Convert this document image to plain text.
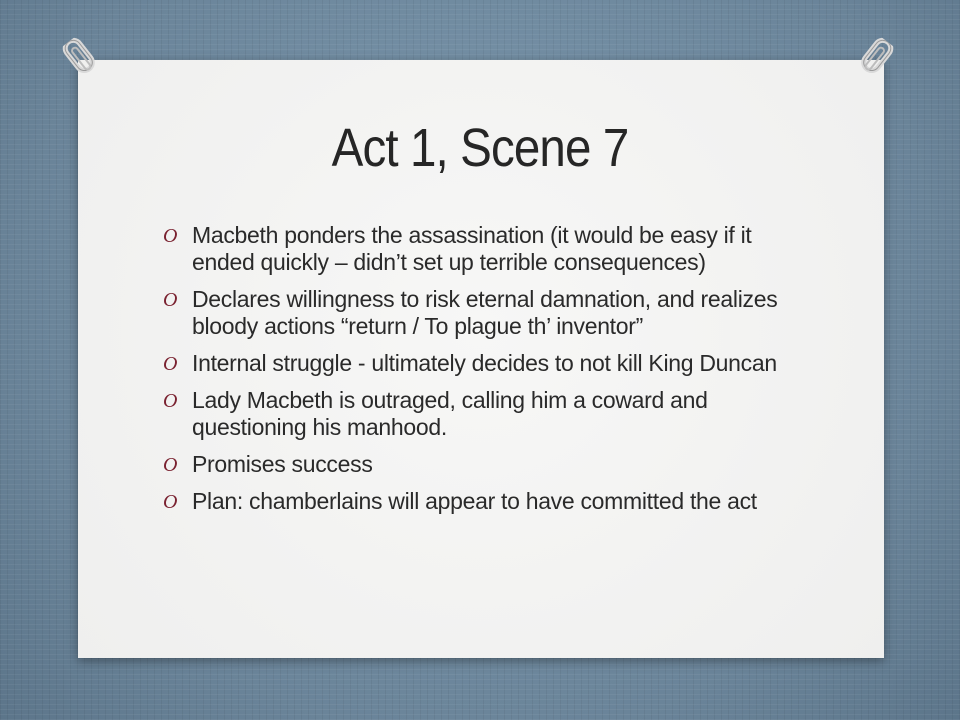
Act 1, Scene 7
O Macbeth ponders the assassination (it would be easy if it ended quickly – didn’t set up terrible consequences)
O Declares willingness to risk eternal damnation, and realizes bloody actions “return / To plague th’ inventor”
O Internal struggle - ultimately decides to not kill King Duncan
O Lady Macbeth is outraged, calling him a coward and questioning his manhood.
O Promises success
O Plan: chamberlains will appear to have committed the act
